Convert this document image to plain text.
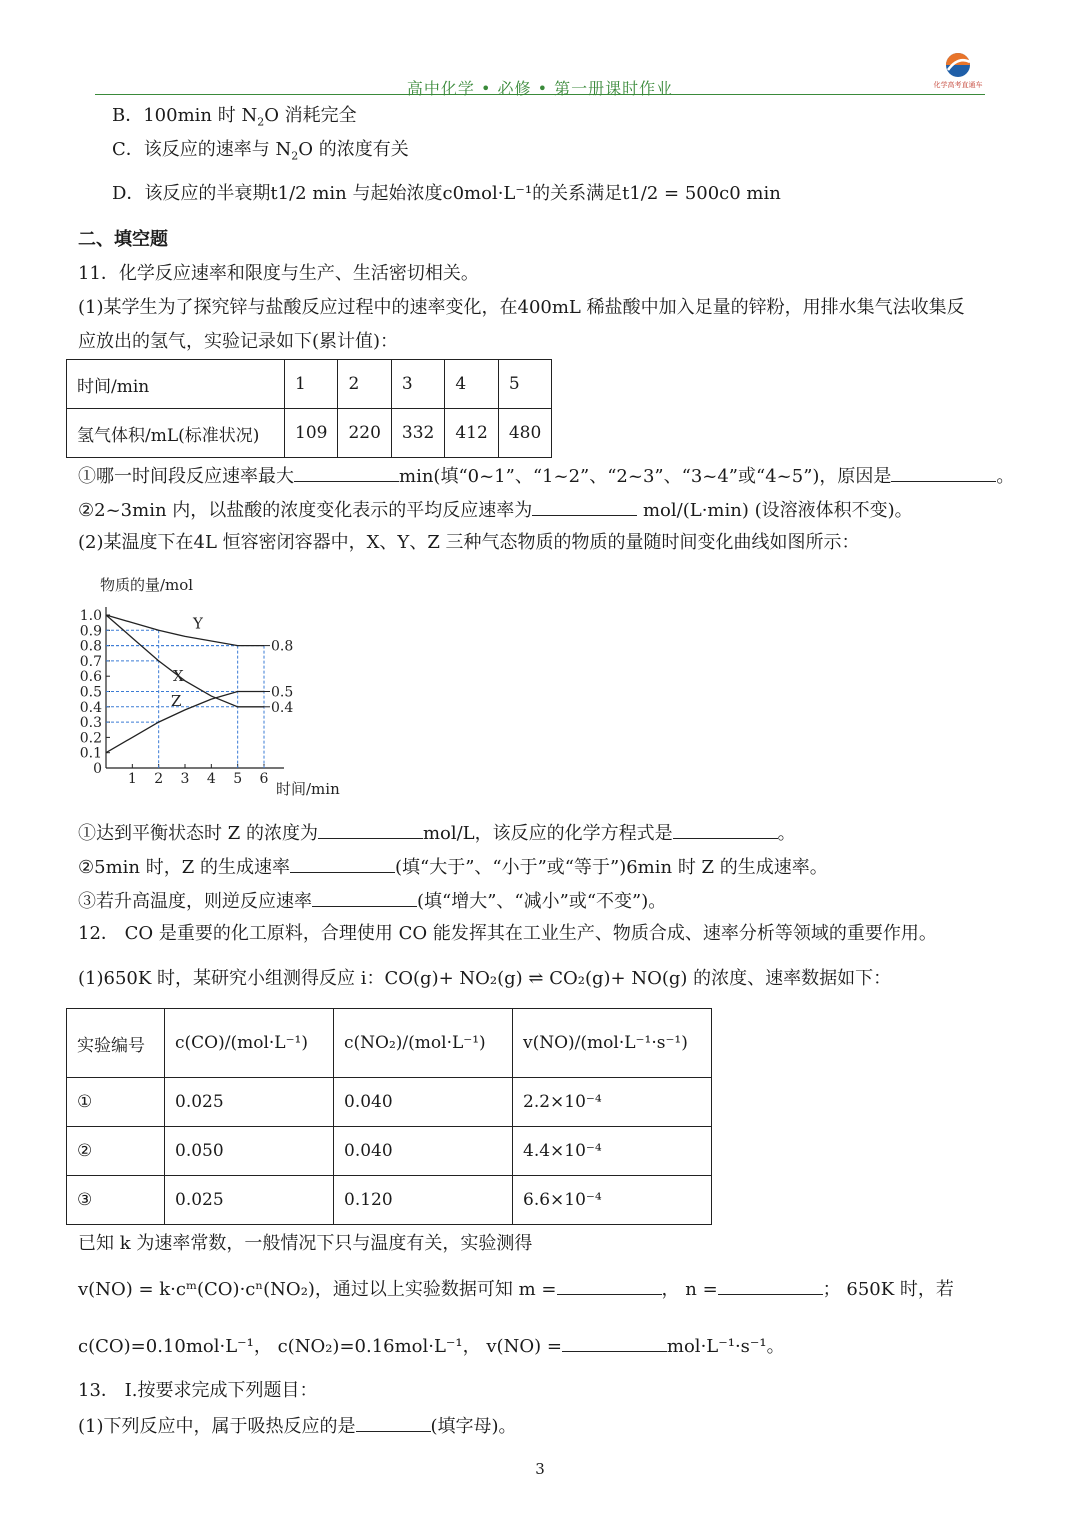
高中化学 • 必修 • 第一册课时作业	化学高考直通车
B．100min 时 $N_2O$ 消耗完全
C．该反应的速率与 $N_2O$ 的浓度有关
D．该反应的半衰期t1/2 min 与起始浓度c0mol·L⁻¹的关系满足t1/2 = 500c0 min
二、填空题
11．化学反应速率和限度与生产、生活密切相关。
(1)某学生为了探究锌与盐酸反应过程中的速率变化，在400mL 稀盐酸中加入足量的锌粉，用排水集气法收集反
应放出的氢气，实验记录如下(累计值)：
时间/min	1	2	3	4	5
氢气体积/mL(标准状况)	109	220	332	412	480
①哪一时间段反应速率最大	min(填“0~1”、“1~2”、“2~3”、“3~4”或“4~5”)，原因是	。
②2~3min 内，以盐酸的浓度变化表示的平均反应速率为	mol/(L·min) (设溶液体积不变)。
(2)某温度下在4L 恒容密闭容器中，X、Y、Z 三种气态物质的物质的量随时间变化曲线如图所示：
物质的量/mol
时间/min
0
0.1
0.2
0.3
0.4
0.5
0.6
0.7
0.8
0.9
1.0
1 2 3 4 5 6
Y
X
Z
0.8
0.5
0.4
①达到平衡状态时 Z 的浓度为	mol/L，该反应的化学方程式是	。
②5min 时，Z 的生成速率	(填“大于”、“小于”或“等于”)6min 时 Z 的生成速率。
③若升高温度，则逆反应速率	(填“增大”、“减小”或“不变”)。
12． CO 是重要的化工原料，合理使用 CO 能发挥其在工业生产、物质合成、速率分析等领域的重要作用。
(1)650K 时，某研究小组测得反应 i：CO(g)+ NO₂(g) ⇌ CO₂(g)+ NO(g) 的浓度、速率数据如下：
实验编号	c(CO)/(mol·L⁻¹)	c(NO₂)/(mol·L⁻¹)	v(NO)/(mol·L⁻¹·s⁻¹)
①	0.025	0.040	2.2×10⁻⁴
②	0.050	0.040	4.4×10⁻⁴
③	0.025	0.120	6.6×10⁻⁴
已知 k 为速率常数，一般情况下只与温度有关，实验测得
v(NO) = k·cᵐ(CO)·cⁿ(NO₂)，通过以上实验数据可知 m =	， n =	； 650K 时，若
c(CO)=0.10mol·L⁻¹， c(NO₂)=0.16mol·L⁻¹， v(NO) =	mol·L⁻¹·s⁻¹。
13． I.按要求完成下列题目：
(1)下列反应中，属于吸热反应的是	(填字母)。
3
